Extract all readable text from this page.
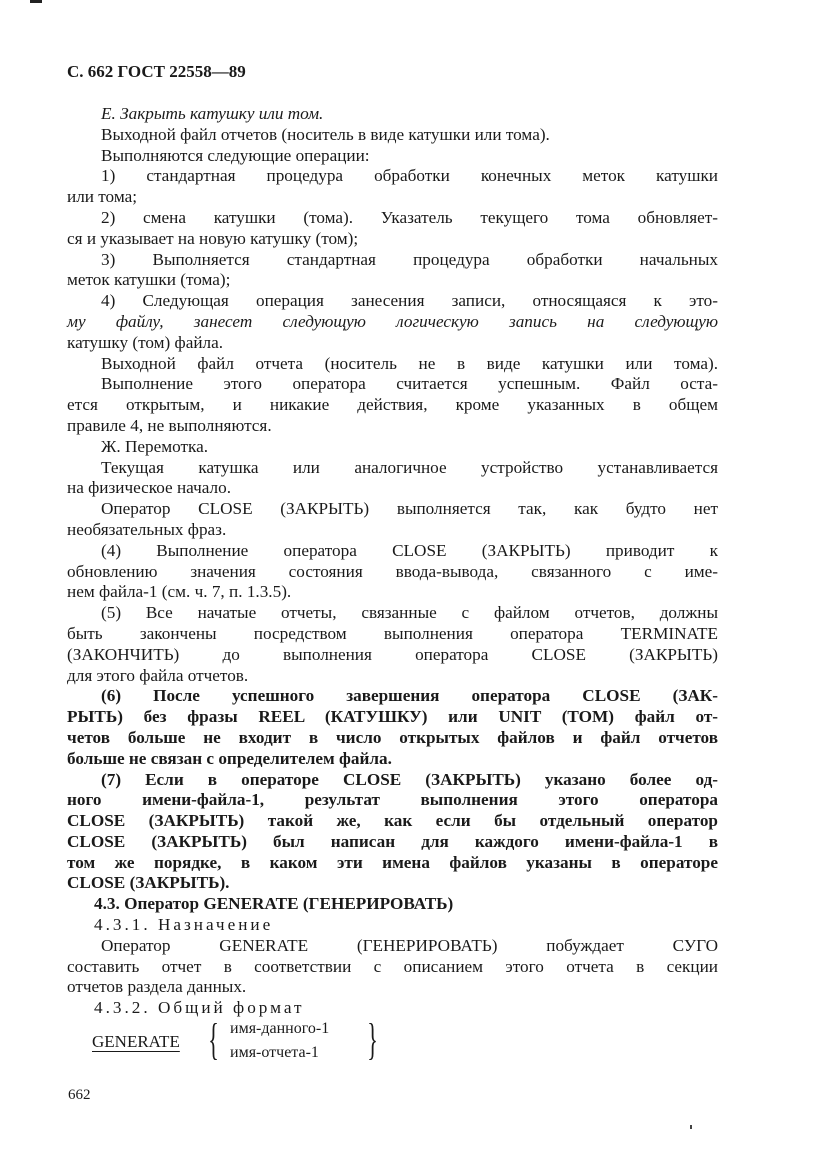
С. 662 ГОСТ 22558—89
Е. Закрыть катушку или том.
Выходной файл отчетов (носитель в виде катушки или тома).
Выполняются следующие операции:
1) стандартная процедура обработки конечных меток катушки
или тома;
2) смена катушки (тома). Указатель текущего тома обновляет-
ся и указывает на новую катушку (том);
3) Выполняется стандартная процедура обработки начальных
меток катушки (тома);
4) Следующая операция занесения записи, относящаяся к это-
му файлу, занесет следующую логическую запись на следующую
катушку (том) файла.
Выходной файл отчета (носитель не в виде катушки или тома).
Выполнение этого оператора считается успешным. Файл оста-
ется открытым, и никакие действия, кроме указанных в общем
правиле 4, не выполняются.
Ж. Перемотка.
Текущая катушка или аналогичное устройство устанавливается
на физическое начало.
Оператор CLOSE (ЗАКРЫТЬ) выполняется так, как будто нет
необязательных фраз.
(4) Выполнение оператора CLOSE (ЗАКРЫТЬ) приводит к
обновлению значения состояния ввода-вывода, связанного с име-
нем файла-1 (см. ч. 7, п. 1.3.5).
(5) Все начатые отчеты, связанные с файлом отчетов, должны
быть закончены посредством выполнения оператора TERMINATE
(ЗАКОНЧИТЬ) до выполнения оператора CLOSE (ЗАКРЫТЬ)
для этого файла отчетов.
(6) После успешного завершения оператора CLOSE (ЗАК-
РЫТЬ) без фразы REEL (КАТУШКУ) или UNIT (ТОМ) файл от-
четов больше не входит в число открытых файлов и файл отчетов
больше не связан с определителем файла.
(7) Если в операторе CLOSE (ЗАКРЫТЬ) указано более од-
ного имени-файла-1, результат выполнения этого оператора
CLOSE (ЗАКРЫТЬ) такой же, как если бы отдельный оператор
CLOSE (ЗАКРЫТЬ) был написан для каждого имени-файла-1 в
том же порядке, в каком эти имена файлов указаны в операторе
CLOSE (ЗАКРЫТЬ).
4.3. Оператор GENERATE (ГЕНЕРИРОВАТЬ)
4.3.1. Назначение
Оператор GENERATE (ГЕНЕРИРОВАТЬ) побуждает СУГО
составить отчет в соответствии с описанием этого отчета в секции
отчетов раздела данных.
4.3.2. Общий формат
GENERATE { имя-данного-1
имя-отчета-1 }
662
